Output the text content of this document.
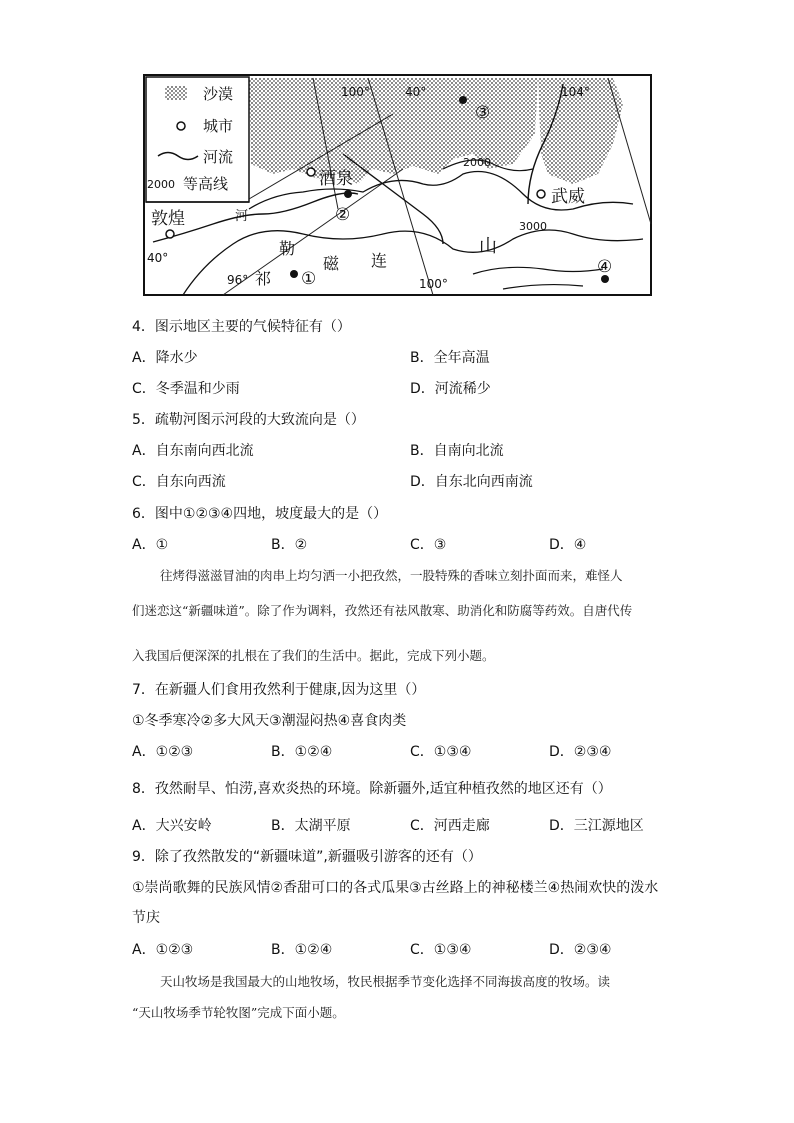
沙漠
城市
河流
2000 等高线
100°	40°	104°
2000
3000
酒泉
武威
敦煌	河
40°
96° 祁
勒
磁 连
山
100°
①
②
③
④
4．图示地区主要的气候特征有（）
A．降水少	B．全年高温
C．冬季温和少雨	D．河流稀少
5．疏勒河图示河段的大致流向是（）
A．自东南向西北流	B．自南向北流
C．自东向西流	D．自东北向西南流
6．图中①②③④四地，坡度最大的是（）
A．①	B．②	C．③	D．④
往烤得滋滋冒油的肉串上均匀洒一小把孜然，一股特殊的香味立刻扑面而来，难怪人
们迷恋这“新疆味道”。除了作为调料，孜然还有祛风散寒、助消化和防腐等药效。自唐代传
入我国后便深深的扎根在了我们的生活中。据此，完成下列小题。
7．在新疆人们食用孜然利于健康,因为这里（）
①冬季寒冷②多大风天③潮湿闷热④喜食肉类
A．①②③	B．①②④	C．①③④	D．②③④
8．孜然耐旱、怕涝,喜欢炎热的环境。除新疆外,适宜种植孜然的地区还有（）
A．大兴安岭	B．太湖平原	C．河西走廊	D．三江源地区
9．除了孜然散发的“新疆味道”,新疆吸引游客的还有（）
①崇尚歌舞的民族风情②香甜可口的各式瓜果③古丝路上的神秘楼兰④热闹欢快的泼水
节庆
A．①②③	B．①②④	C．①③④	D．②③④
天山牧场是我国最大的山地牧场，牧民根据季节变化选择不同海拔高度的牧场。读
“天山牧场季节轮牧图”完成下面小题。
